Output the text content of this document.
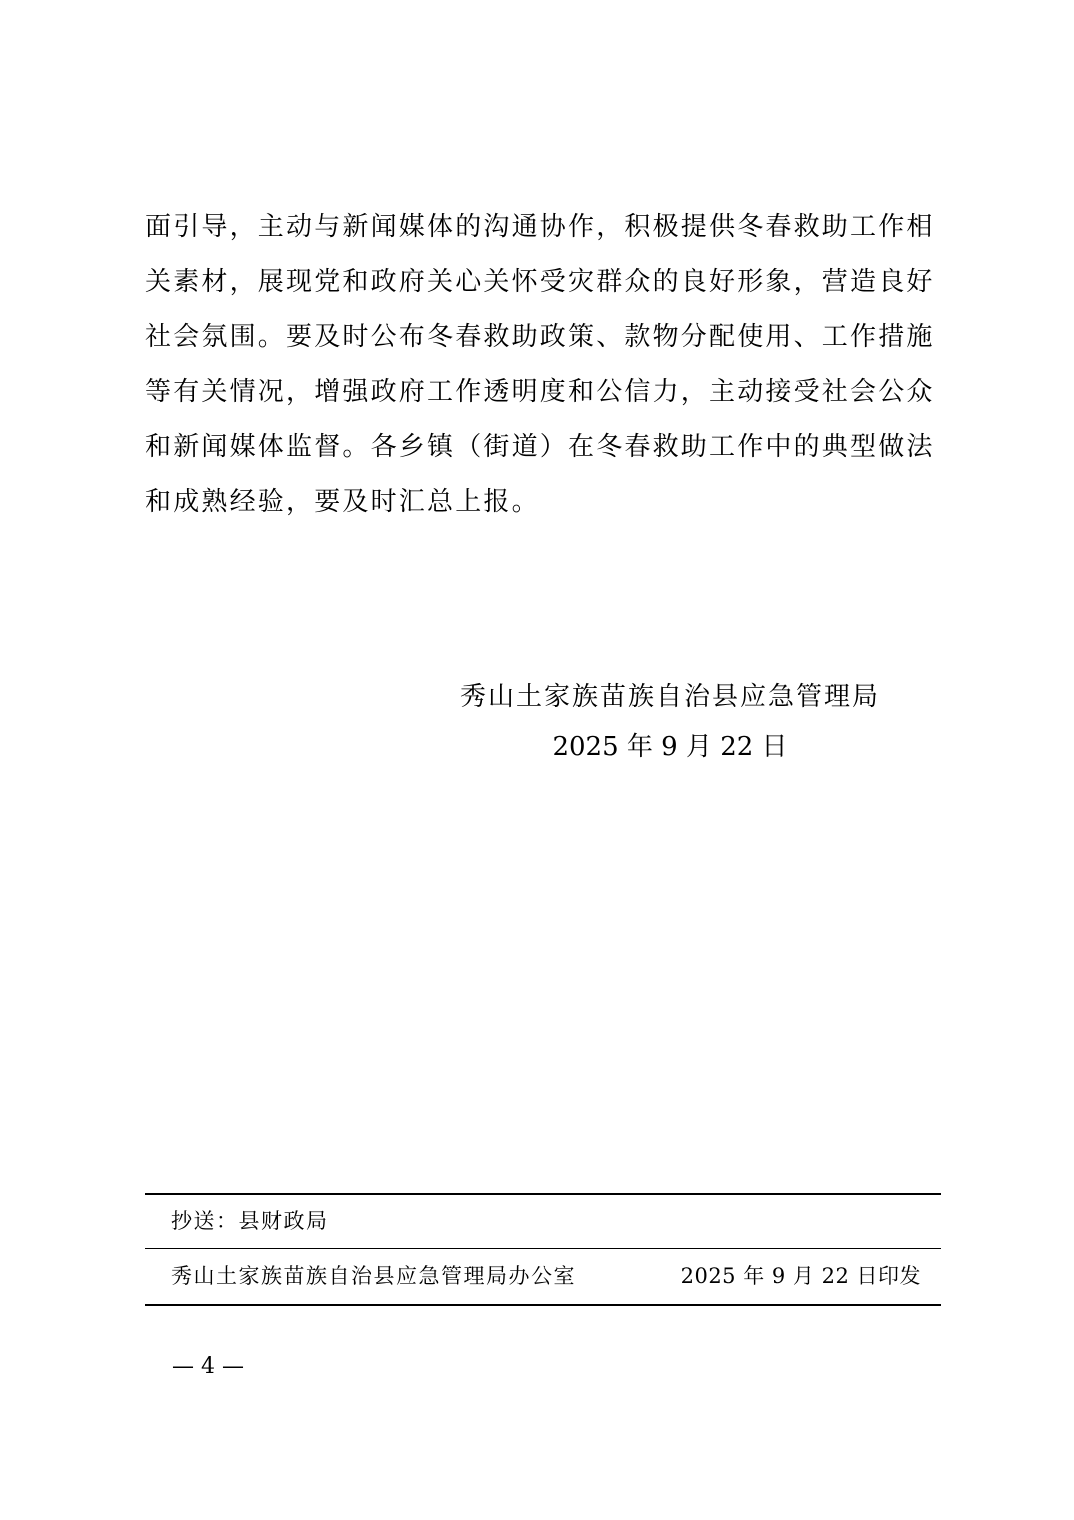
面引导，主动与新闻媒体的沟通协作，积极提供冬春救助工作相
关素材，展现党和政府关心关怀受灾群众的良好形象，营造良好
社会氛围。要及时公布冬春救助政策、款物分配使用、工作措施
等有关情况，增强政府工作透明度和公信力，主动接受社会公众
和新闻媒体监督。各乡镇（街道）在冬春救助工作中的典型做法
和成熟经验，要及时汇总上报。
秀山土家族苗族自治县应急管理局
2025 年 9 月 22 日
抄送：县财政局
秀山土家族苗族自治县应急管理局办公室	2025 年 9 月 22 日印发
— 4 —
